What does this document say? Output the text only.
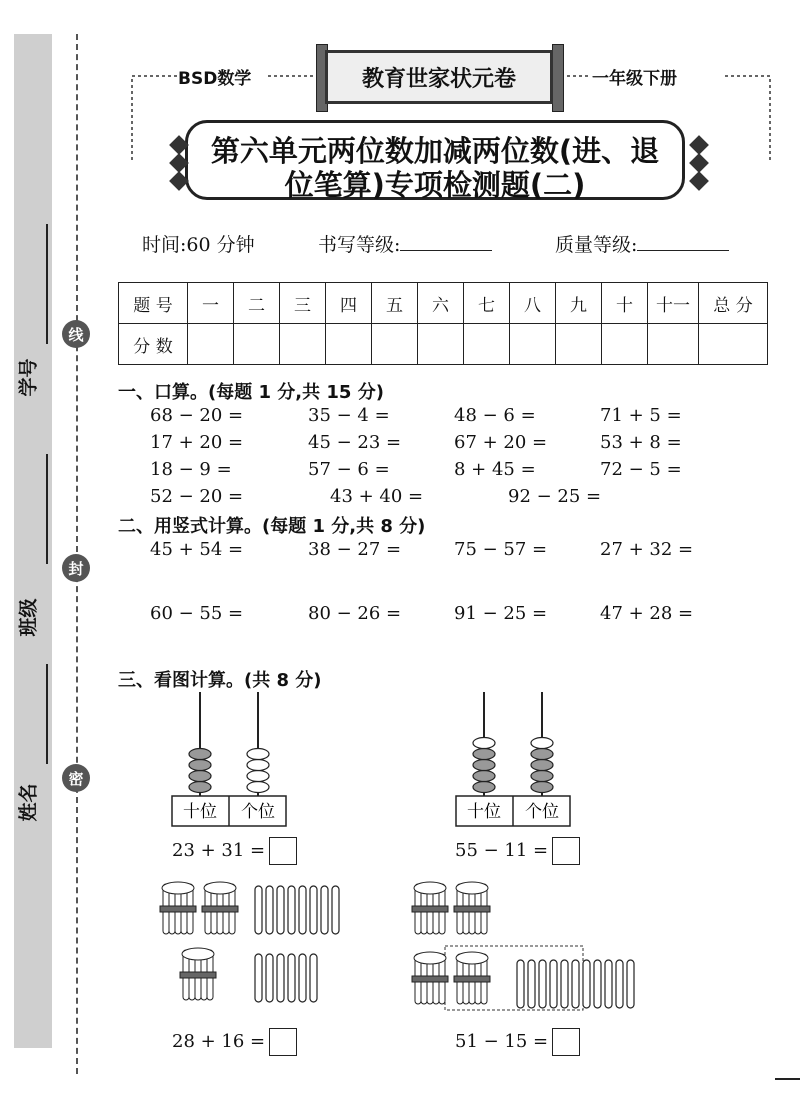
学号
班级
姓名
线
封
密
BSD数学	一年级下册
教育世家状元卷
第六单元两位数加减两位数(进、退
位笔算)专项检测题(二)
时间:60 分钟	书写等级:	质量等级:
题 号	一	二	三	四	五	六	七	八	九	十	十一	总 分
分 数												
一、口算。(每题 1 分,共 15 分)
68 − 20 =	35 − 4 =	48 − 6 =	71 + 5 =
17 + 20 =	45 − 23 =	67 + 20 =	53 + 8 =
18 − 9 =	57 − 6 =	8 + 45 =	72 − 5 =
52 − 20 =	43 + 40 =	92 − 25 =
二、用竖式计算。(每题 1 分,共 8 分)
45 + 54 =	38 − 27 =	75 − 57 =	27 + 32 =
60 − 55 =	80 − 26 =	91 − 25 =	47 + 28 =
三、看图计算。(共 8 分)
十位 个位
23 + 31 =
十位 个位
55 − 11 =
28 + 16 =	51 − 15 =
